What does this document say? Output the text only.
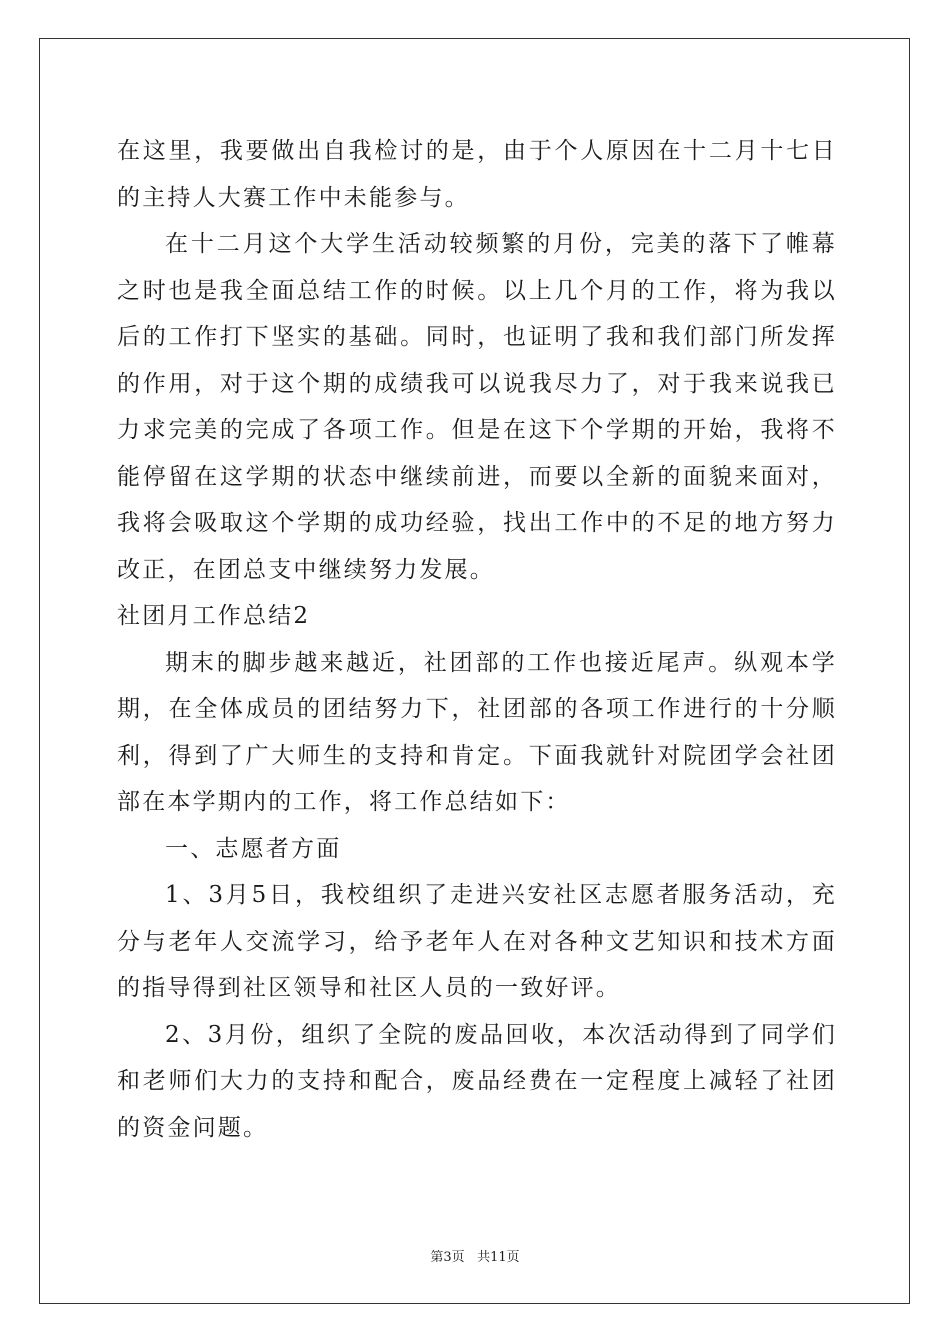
在这里，我要做出自我检讨的是，由于个人原因在十二月十七日的主持人大赛工作中未能参与。

在十二月这个大学生活动较频繁的月份，完美的落下了帷幕之时也是我全面总结工作的时候。以上几个月的工作，将为我以后的工作打下坚实的基础。同时，也证明了我和我们部门所发挥的作用，对于这个期的成绩我可以说我尽力了，对于我来说我已力求完美的完成了各项工作。但是在这下个学期的开始，我将不能停留在这学期的状态中继续前进，而要以全新的面貌来面对，我将会吸取这个学期的成功经验，找出工作中的不足的地方努力改正，在团总支中继续努力发展。

社团月工作总结2

期末的脚步越来越近，社团部的工作也接近尾声。纵观本学期，在全体成员的团结努力下，社团部的各项工作进行的十分顺利，得到了广大师生的支持和肯定。下面我就针对院团学会社团部在本学期内的工作，将工作总结如下：

一、志愿者方面

1、3月5日，我校组织了走进兴安社区志愿者服务活动，充分与老年人交流学习，给予老年人在对各种文艺知识和技术方面的指导得到社区领导和社区人员的一致好评。

2、3月份，组织了全院的废品回收，本次活动得到了同学们和老师们大力的支持和配合，废品经费在一定程度上减轻了社团的资金问题。

第3页 共11页
